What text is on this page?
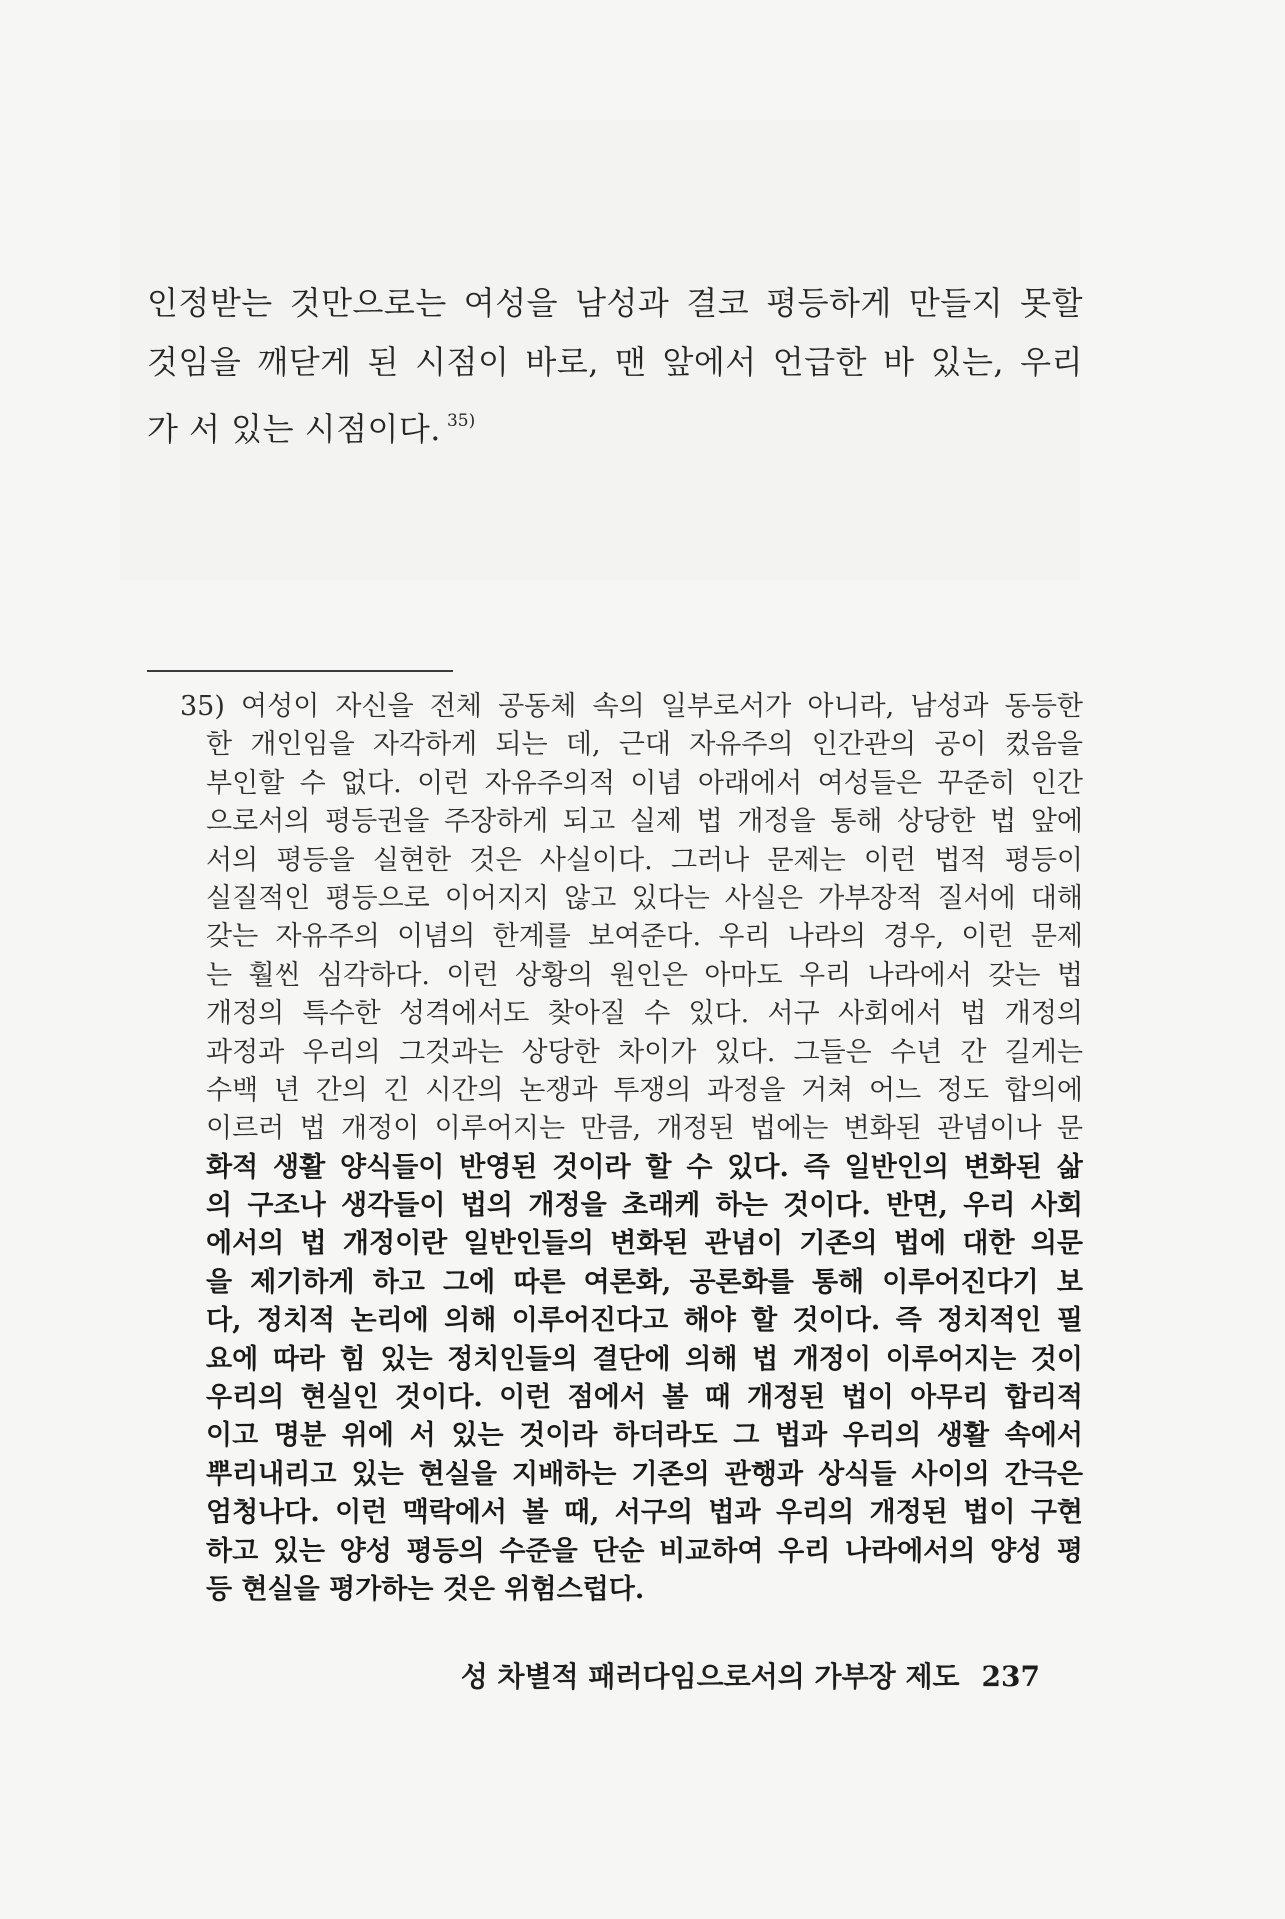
인정받는 것만으로는 여성을 남성과 결코 평등하게 만들지 못할
것임을 깨닫게 된 시점이 바로, 맨 앞에서 언급한 바 있는, 우리
가 서 있는 시점이다. $^{35)}$
35) 여성이 자신을 전체 공동체 속의 일부로서가 아니라, 남성과 동등한
한 개인임을 자각하게 되는 데, 근대 자유주의 인간관의 공이 컸음을
부인할 수 없다. 이런 자유주의적 이념 아래에서 여성들은 꾸준히 인간
으로서의 평등권을 주장하게 되고 실제 법 개정을 통해 상당한 법 앞에
서의 평등을 실현한 것은 사실이다. 그러나 문제는 이런 법적 평등이
실질적인 평등으로 이어지지 않고 있다는 사실은 가부장적 질서에 대해
갖는 자유주의 이념의 한계를 보여준다. 우리 나라의 경우, 이런 문제
는 훨씬 심각하다. 이런 상황의 원인은 아마도 우리 나라에서 갖는 법
개정의 특수한 성격에서도 찾아질 수 있다. 서구 사회에서 법 개정의
과정과 우리의 그것과는 상당한 차이가 있다. 그들은 수년 간 길게는
수백 년 간의 긴 시간의 논쟁과 투쟁의 과정을 거쳐 어느 정도 합의에
이르러 법 개정이 이루어지는 만큼, 개정된 법에는 변화된 관념이나 문
화적 생활 양식들이 반영된 것이라 할 수 있다. 즉 일반인의 변화된 삶
의 구조나 생각들이 법의 개정을 초래케 하는 것이다. 반면, 우리 사회
에서의 법 개정이란 일반인들의 변화된 관념이 기존의 법에 대한 의문
을 제기하게 하고 그에 따른 여론화, 공론화를 통해 이루어진다기 보
다, 정치적 논리에 의해 이루어진다고 해야 할 것이다. 즉 정치적인 필
요에 따라 힘 있는 정치인들의 결단에 의해 법 개정이 이루어지는 것이
우리의 현실인 것이다. 이런 점에서 볼 때 개정된 법이 아무리 합리적
이고 명분 위에 서 있는 것이라 하더라도 그 법과 우리의 생활 속에서
뿌리내리고 있는 현실을 지배하는 기존의 관행과 상식들 사이의 간극은
엄청나다. 이런 맥락에서 볼 때, 서구의 법과 우리의 개정된 법이 구현
하고 있는 양성 평등의 수준을 단순 비교하여 우리 나라에서의 양성 평
등 현실을 평가하는 것은 위험스럽다.
성 차별적 패러다임으로서의 가부장 제도 237
